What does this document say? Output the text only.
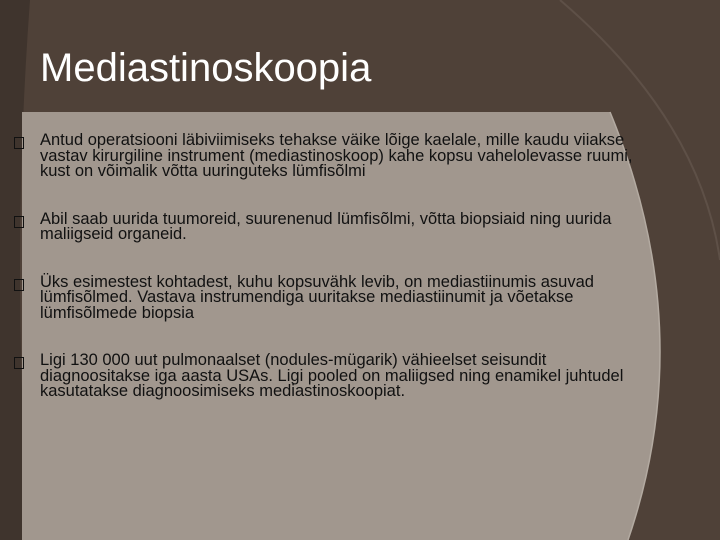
Mediastinoskoopia
Antud operatsiooni läbiviimiseks tehakse väike lõige kaelale, mille kaudu viiakse vastav kirurgiline instrument (mediastinoskoop) kahe kopsu vahelolevasse ruumi, kust on võimalik võtta uuringuteks lümfisõlmi
Abil saab uurida tuumoreid, suurenenud lümfisõlmi, võtta biopsiaid ning uurida maliigseid organeid.
Üks esimestest kohtadest, kuhu kopsuvähk levib, on mediastiinumis asuvad lümfisõlmed. Vastava instrumendiga uuritakse mediastiinumit ja võetakse lümfisõlmede biopsia
Ligi 130 000 uut pulmonaalset (nodules-mügarik) vähieelset seisundit diagnoositakse iga aasta USAs. Ligi pooled on maliigsed ning enamikel juhtudel kasutatakse diagnoosimiseks mediastinoskoopiat.
